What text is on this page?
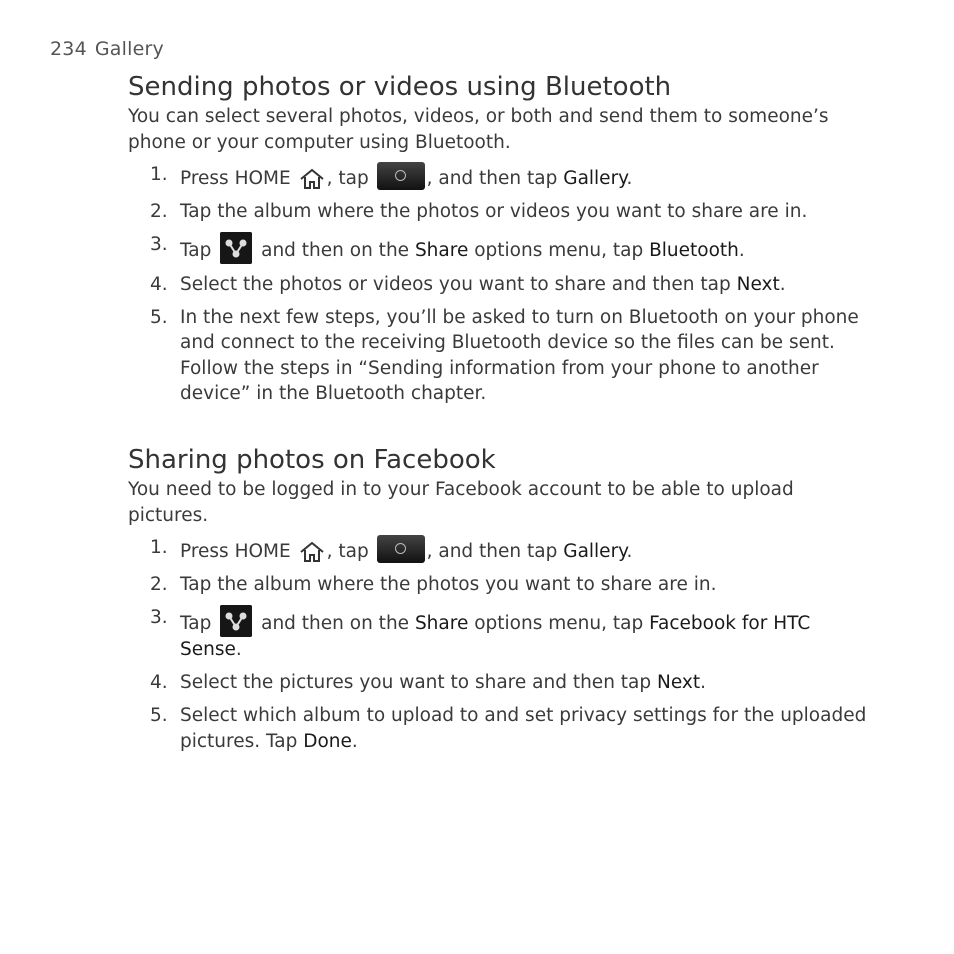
234 Gallery
Sending photos or videos using Bluetooth

You can select several photos, videos, or both and send them to someone’s phone or your computer using Bluetooth.

1. Press HOME , tap	, and then tap Gallery.
2. Tap the album where the photos or videos you want to share are in.
3. Tap	and then on the Share options menu, tap Bluetooth.
4. Select the photos or videos you want to share and then tap Next.
5. In the next few steps, you’ll be asked to turn on Bluetooth on your phone and connect to the receiving Bluetooth device so the files can be sent. Follow the steps in “Sending information from your phone to another device” in the Bluetooth chapter.
Sharing photos on Facebook

You need to be logged in to your Facebook account to be able to upload pictures.

1. Press HOME , tap	, and then tap Gallery.
2. Tap the album where the photos you want to share are in.
3. Tap	and then on the Share options menu, tap Facebook for HTC Sense.
4. Select the pictures you want to share and then tap Next.
5. Select which album to upload to and set privacy settings for the uploaded pictures. Tap Done.
